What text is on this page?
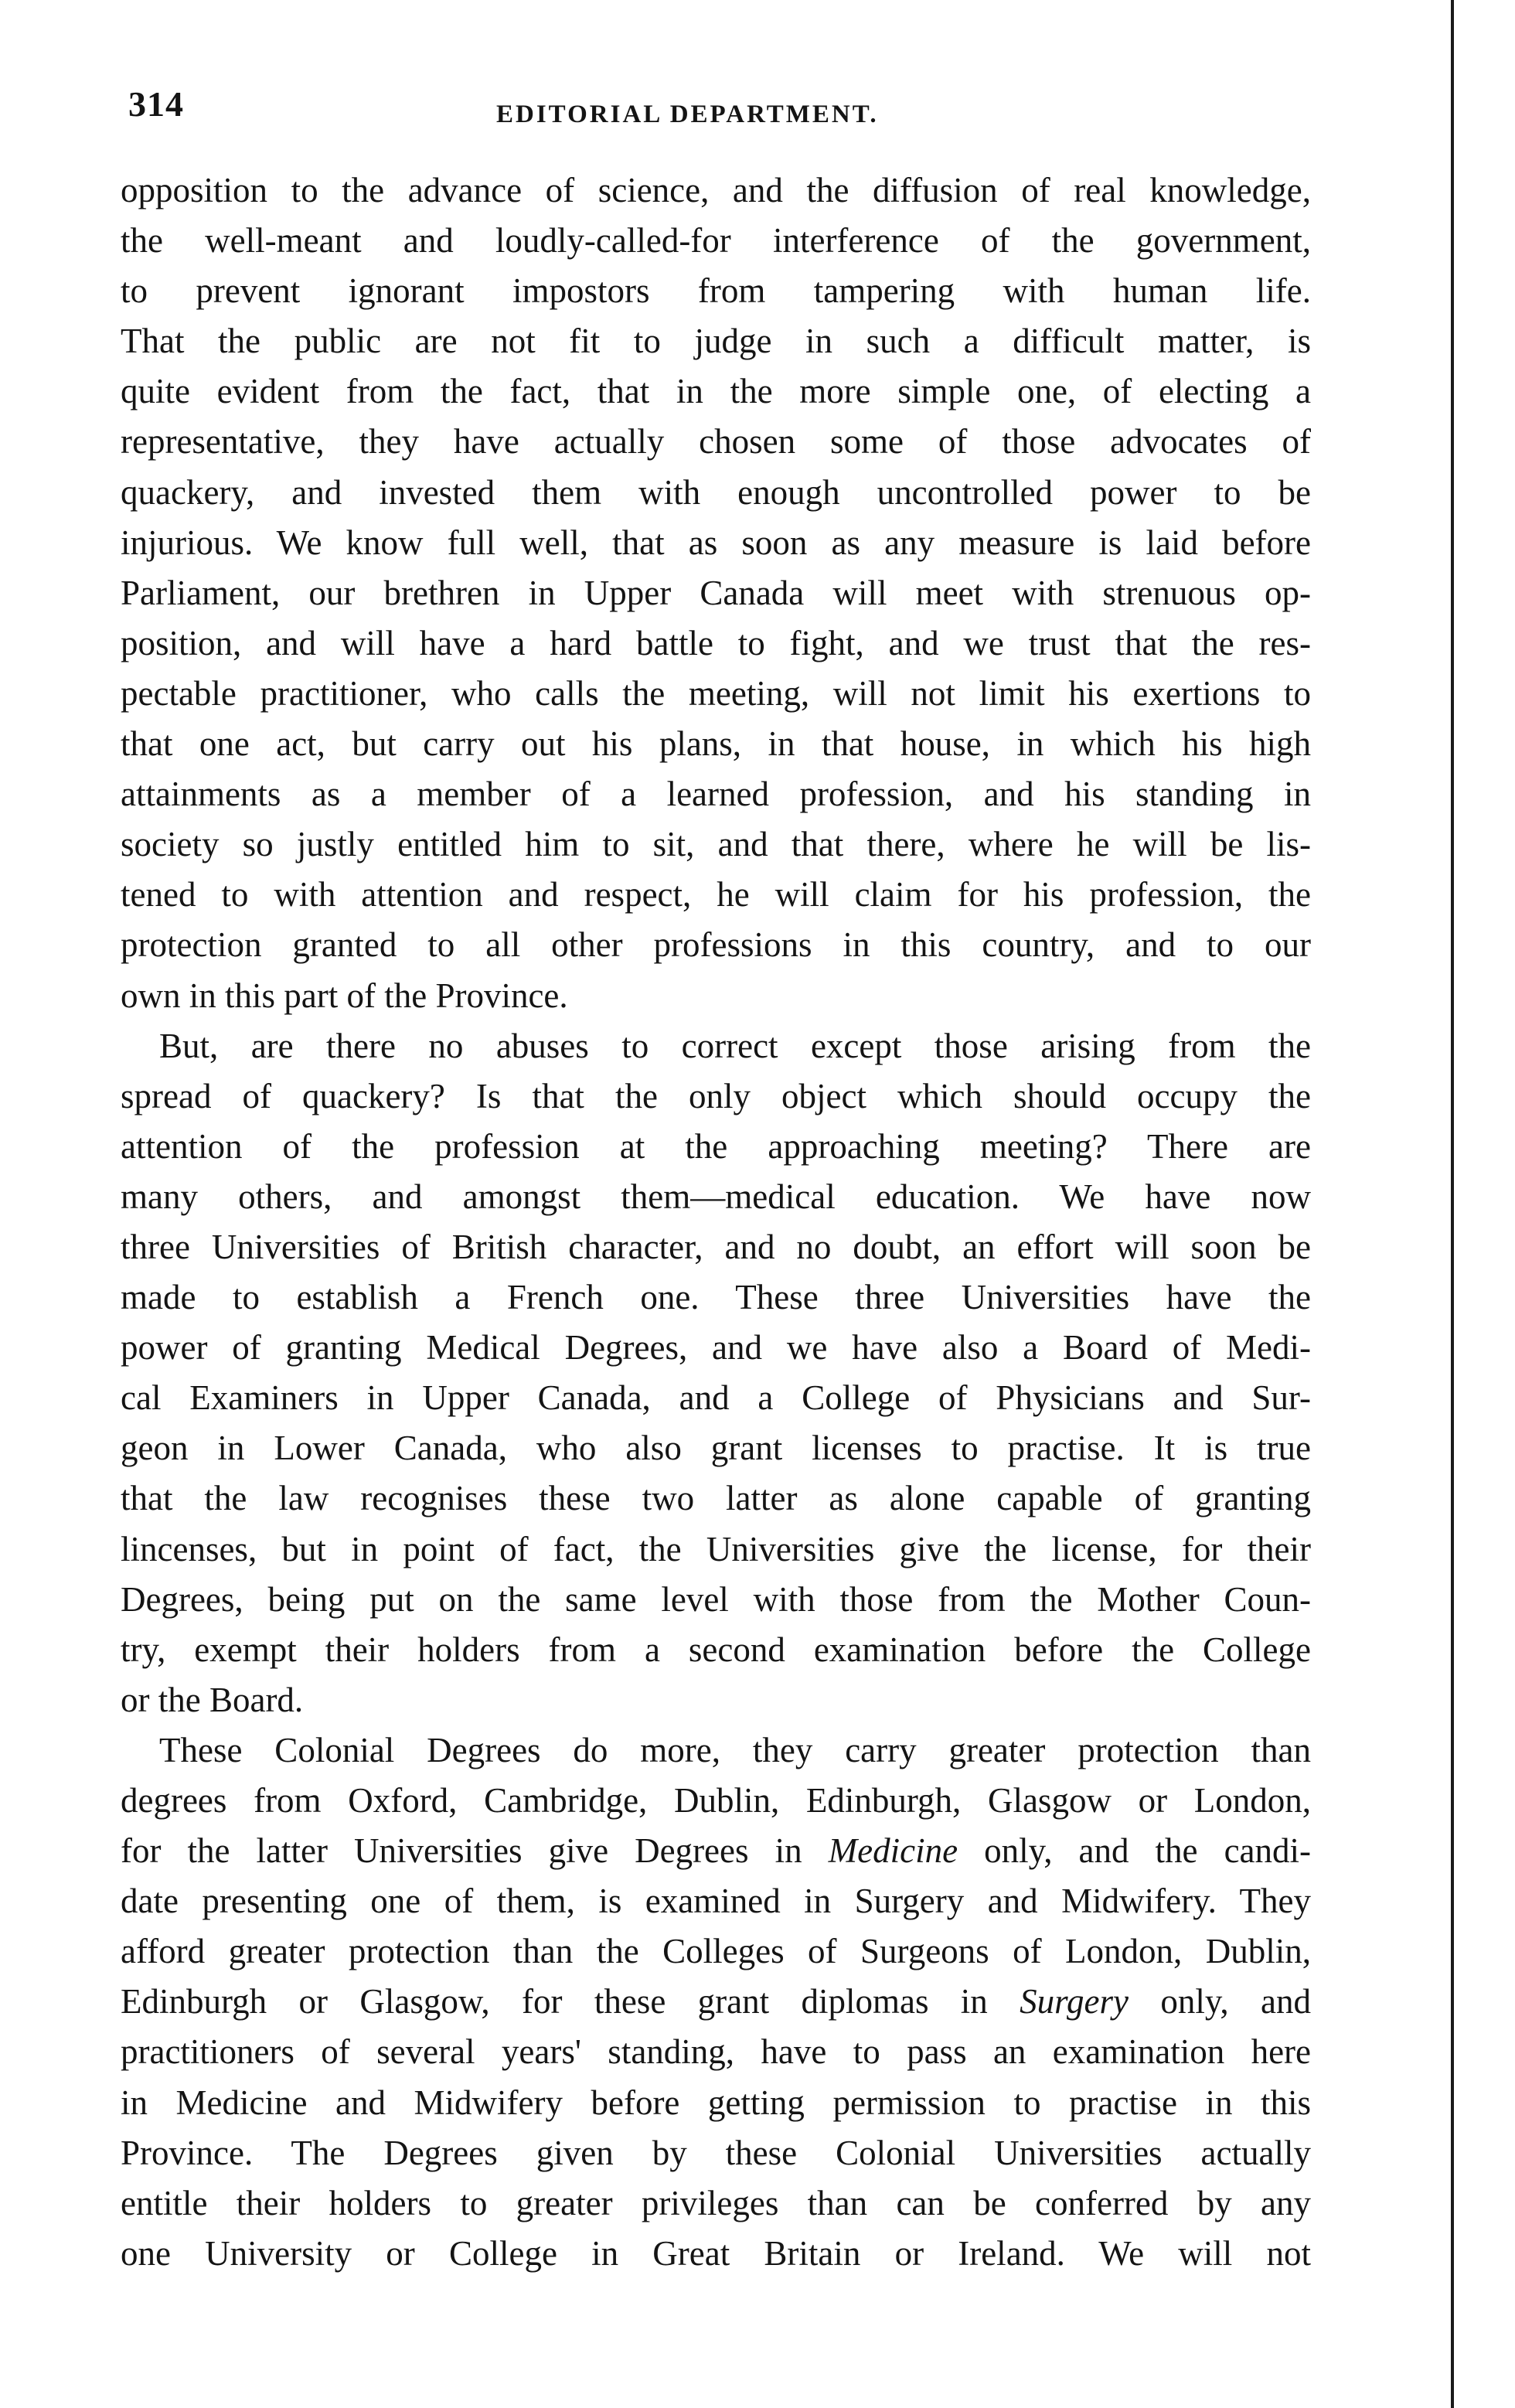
314	EDITORIAL DEPARTMENT.
opposition to the advance of science, and the diffusion of real knowledge,
the well-meant and loudly-called-for interference of the government,
to prevent ignorant impostors from tampering with human life.
That the public are not fit to judge in such a difficult matter, is
quite evident from the fact, that in the more simple one, of electing a
representative, they have actually chosen some of those advocates of
quackery, and invested them with enough uncontrolled power to be
injurious. We know full well, that as soon as any measure is laid before
Parliament, our brethren in Upper Canada will meet with strenuous op-
position, and will have a hard battle to fight, and we trust that the res-
pectable practitioner, who calls the meeting, will not limit his exertions to
that one act, but carry out his plans, in that house, in which his high
attainments as a member of a learned profession, and his standing in
society so justly entitled him to sit, and that there, where he will be lis-
tened to with attention and respect, he will claim for his profession, the
protection granted to all other professions in this country, and to our
own in this part of the Province.
But, are there no abuses to correct except those arising from the
spread of quackery? Is that the only object which should occupy the
attention of the profession at the approaching meeting? There are
many others, and amongst them—medical education. We have now
three Universities of British character, and no doubt, an effort will soon be
made to establish a French one. These three Universities have the
power of granting Medical Degrees, and we have also a Board of Medi-
cal Examiners in Upper Canada, and a College of Physicians and Sur-
geon in Lower Canada, who also grant licenses to practise. It is true
that the law recognises these two latter as alone capable of granting
lincenses, but in point of fact, the Universities give the license, for their
Degrees, being put on the same level with those from the Mother Coun-
try, exempt their holders from a second examination before the College
or the Board.
These Colonial Degrees do more, they carry greater protection than
degrees from Oxford, Cambridge, Dublin, Edinburgh, Glasgow or London,
for the latter Universities give Degrees in Medicine only, and the candi-
date presenting one of them, is examined in Surgery and Midwifery. They
afford greater protection than the Colleges of Surgeons of London, Dublin,
Edinburgh or Glasgow, for these grant diplomas in Surgery only, and
practitioners of several years' standing, have to pass an examination here
in Medicine and Midwifery before getting permission to practise in this
Province. The Degrees given by these Colonial Universities actually
entitle their holders to greater privileges than can be conferred by any
one University or College in Great Britain or Ireland. We will not
